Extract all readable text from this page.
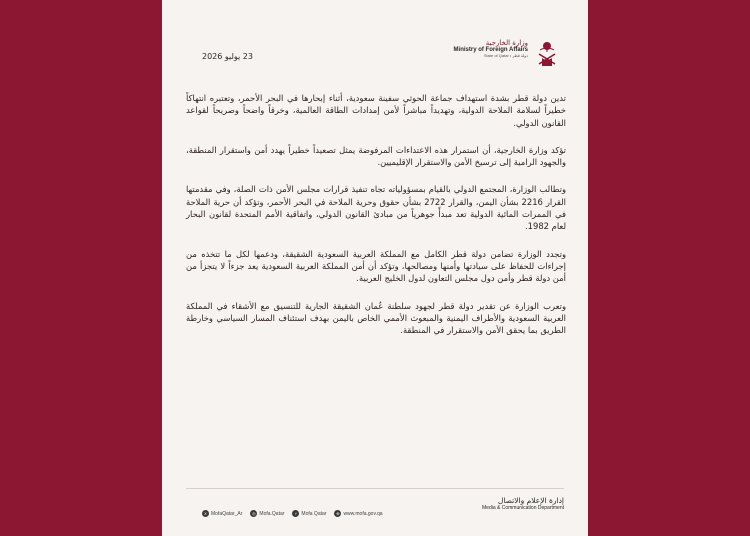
23 يوليو 2026
وزارة الخارجية
Ministry of Foreign Affairs
State of Qatar • دولة قطر

تدين دولة قطر بشدة استهداف جماعة الحوثي سفينة سعودية، أثناء إبحارها في البحر الأحمر، وتعتبره انتهاكاً خطيراً لسلامة الملاحة الدولية، وتهديداً مباشراً لأمن إمدادات الطاقة العالمية، وخرقاً واضحاً وصريحاً لقواعد القانون الدولي.

تؤكد وزارة الخارجية، أن استمرار هذه الاعتداءات المرفوضة يمثل تصعيداً خطيراً يهدد أمن واستقرار المنطقة، والجهود الرامية إلى ترسيخ الأمن والاستقرار الإقليميين.

وتطالب الوزارة، المجتمع الدولي بالقيام بمسؤولياته تجاه تنفيذ قرارات مجلس الأمن ذات الصلة، وفي مقدمتها القرار 2216 بشأن اليمن، والقرار 2722 بشأن حقوق وحرية الملاحة في البحر الأحمر، وتؤكد أن حرية الملاحة في الممرات المائية الدولية تعد مبدأً جوهرياً من مبادئ القانون الدولي، واتفاقية الأمم المتحدة لقانون البحار لعام 1982.

وتجدد الوزارة تضامن دولة قطر الكامل مع المملكة العربية السعودية الشقيقة، ودعمها لكل ما تتخذه من إجراءات للحفاظ على سيادتها وأمنها ومصالحها، وتؤكد أن أمن المملكة العربية السعودية يعد جزءاً لا يتجزأ من أمن دولة قطر وأمن دول مجلس التعاون لدول الخليج العربية.

وتعرب الوزارة عن تقدير دولة قطر لجهود سلطنة عُمان الشقيقة الجارية للتنسيق مع الأشقاء في المملكة العربية السعودية والأطراف اليمنية والمبعوث الأممي الخاص باليمن بهدف استئناف المسار السياسي وخارطة الطريق بما يحقق الأمن والاستقرار في المنطقة.

إدارة الإعلام والاتصال
Media & Communication Department
X MofaQatar_Ar	◎ Mofa.Qatar	f Mofa Qatar	⊕ www.mofa.gov.qa
